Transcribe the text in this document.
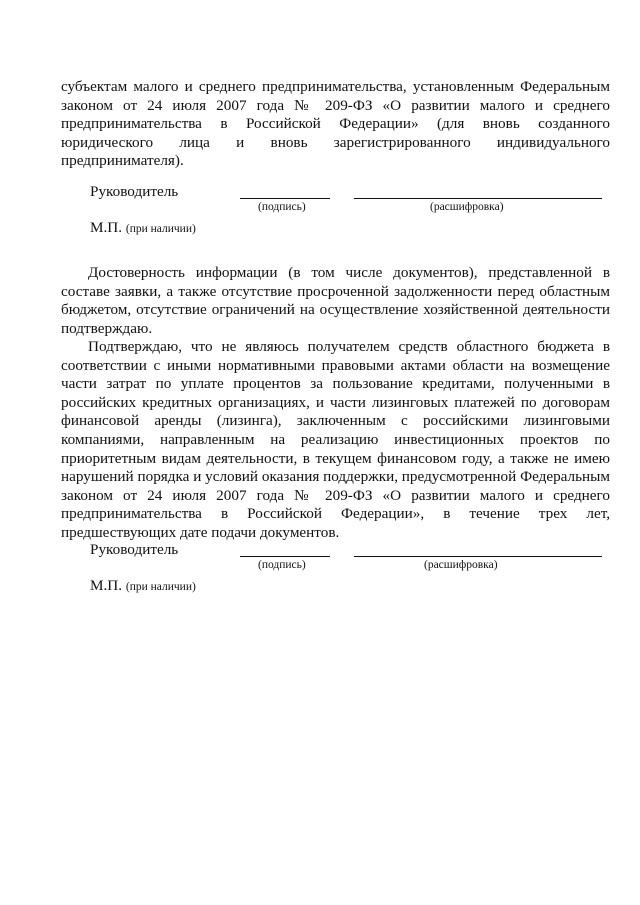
субъектам малого и среднего предпринимательства, установленным Федеральным законом от 24 июля 2007 года № 209-ФЗ «О развитии малого и среднего предпринимательства в Российской Федерации» (для вновь созданного юридического лица и вновь зарегистрированного индивидуального предпринимателя).

Руководитель
(подпись)	(расшифровка)
М.П. (при наличии)

Достоверность информации (в том числе документов), представленной в составе заявки, а также отсутствие просроченной задолженности перед областным бюджетом, отсутствие ограничений на осуществление хозяйственной деятельности подтверждаю.

Подтверждаю, что не являюсь получателем средств областного бюджета в соответствии с иными нормативными правовыми актами области на возмещение части затрат по уплате процентов за пользование кредитами, полученными в российских кредитных организациях, и части лизинговых платежей по договорам финансовой аренды (лизинга), заключенным с российскими лизинговыми компаниями, направленным на реализацию инвестиционных проектов по приоритетным видам деятельности, в текущем финансовом году, а также не имею нарушений порядка и условий оказания поддержки, предусмотренной Федеральным законом от 24 июля 2007 года № 209-ФЗ «О развитии малого и среднего предпринимательства в Российской Федерации», в течение трех лет, предшествующих дате подачи документов.

Руководитель
(подпись)	(расшифровка)
М.П. (при наличии)
